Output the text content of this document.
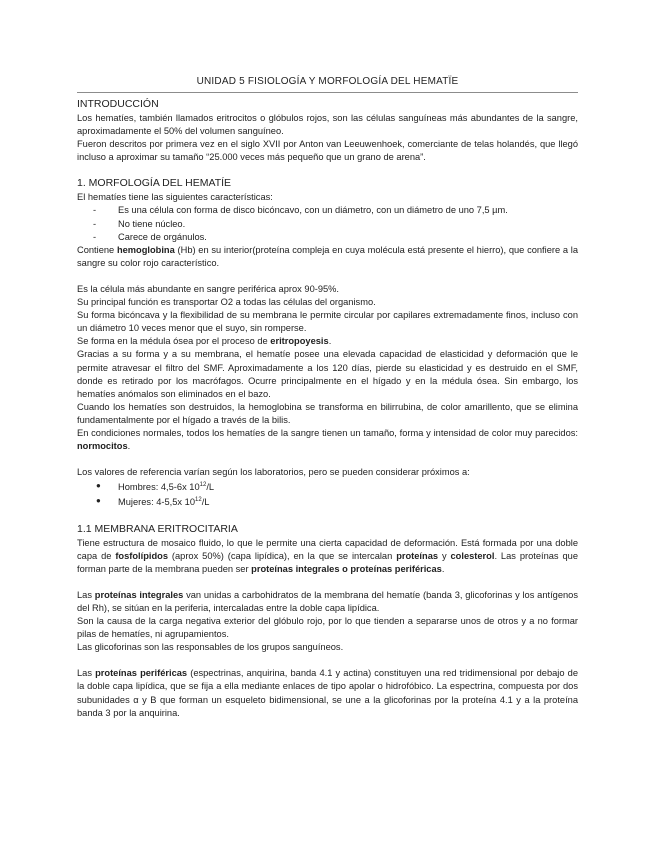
UNIDAD 5 FISIOLOGÍA Y MORFOLOGÍA DEL HEMATÏE
INTRODUCCIÓN

Los hematíes, también llamados eritrocitos o glóbulos rojos, son las células sanguíneas más abundantes de la sangre, aproximadamente el 50% del volumen sanguíneo.

Fueron descritos por primera vez en el siglo XVII por Anton van Leeuwenhoek, comerciante de telas holandés, que llegó incluso a aproximar su tamaño “25.000 veces más pequeño que un grano de arena”.

1. MORFOLOGÍA DEL HEMATÍE

El hematíes tiene las siguientes características:

- Es una célula con forma de disco bicóncavo, con un diámetro, con un diámetro de uno 7,5 µm.
- No tiene núcleo.
- Carece de orgánulos.

Contiene hemoglobina (Hb) en su interior(proteína compleja en cuya molécula está presente el hierro), que confiere a la sangre su color rojo característico.

Es la célula más abundante en sangre periférica aprox 90-95%.

Su principal función es transportar O2 a todas las células del organismo.

Su forma bicóncava y la flexibilidad de su membrana le permite circular por capilares extremadamente finos, incluso con un diámetro 10 veces menor que el suyo, sin romperse.

Se forma en la médula ósea por el proceso de eritropoyesis.

Gracias a su forma y a su membrana, el hematíe posee una elevada capacidad de elasticidad y deformación que le permite atravesar el filtro del SMF. Aproximadamente a los 120 días, pierde su elasticidad y es destruido en el SMF, donde es retirado por los macrófagos. Ocurre principalmente en el hígado y en la médula ósea. Sin embargo, los hematíes anómalos son eliminados en el bazo.

Cuando los hematíes son destruidos, la hemoglobina se transforma en bilirrubina, de color amarillento, que se elimina fundamentalmente por el hígado a través de la bilis.

En condiciones normales, todos los hematíes de la sangre tienen un tamaño, forma y intensidad de color muy parecidos: normocitos.

Los valores de referencia varían según los laboratorios, pero se pueden considerar próximos a:

● Hombres: 4,5-6x $10^{12}/L$
● Mujeres: 4-5,5x $10^{12}/L$
1.1 MEMBRANA ERITROCITARIA

Tiene estructura de mosaico fluido, lo que le permite una cierta capacidad de deformación. Está formada por una doble capa de fosfolípidos (aprox 50%) (capa lipídica), en la que se intercalan proteínas y colesterol. Las proteínas que forman parte de la membrana pueden ser proteínas integrales o proteínas periféricas.

Las proteínas integrales van unidas a carbohidratos de la membrana del hematíe (banda 3, glicoforinas y los antígenos del Rh), se sitúan en la periferia, intercaladas entre la doble capa lipídica.

Son la causa de la carga negativa exterior del glóbulo rojo, por lo que tienden a separarse unos de otros y a no formar pilas de hematíes, ni agrupamientos.

Las glicoforinas son las responsables de los grupos sanguíneos.

Las proteínas periféricas (espectrinas, anquirina, banda 4.1 y actina) constituyen una red tridimensional por debajo de la doble capa lipídica, que se fija a ella mediante enlaces de tipo apolar o hidrofóbico. La espectrina, compuesta por dos subunidades α y B que forman un esqueleto bidimensional, se une a la glicoforinas por la proteína 4.1 y a la proteína banda 3 por la anquirina.
